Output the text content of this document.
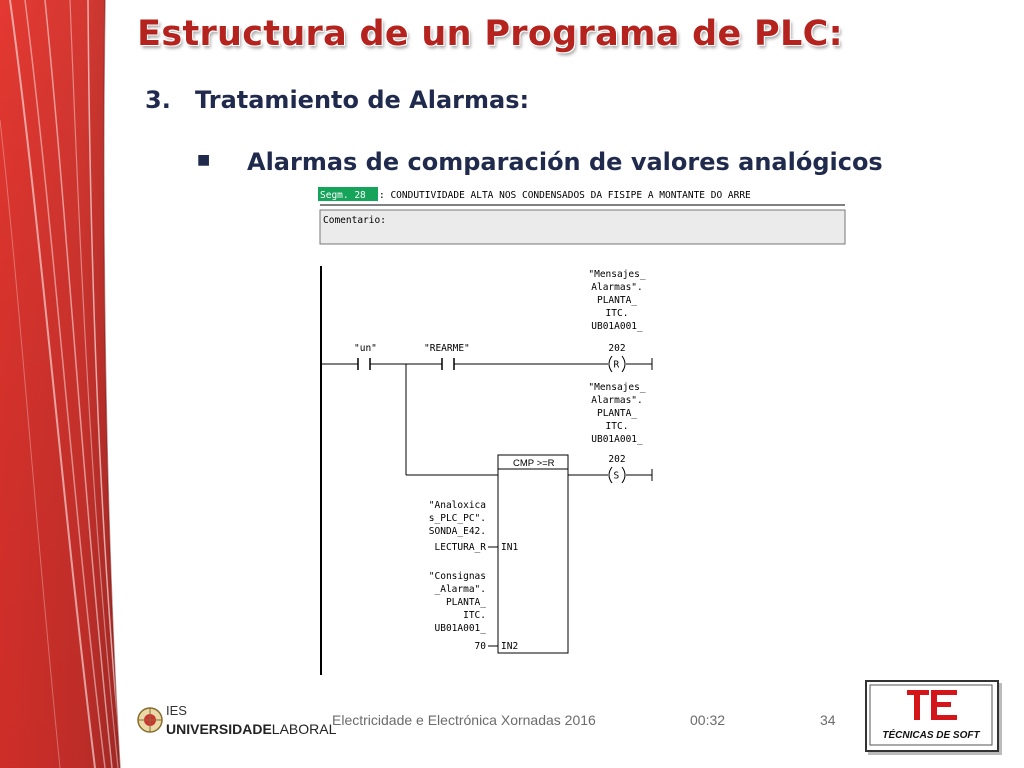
Estructura de un Programa de PLC:
3. Tratamiento de Alarmas:
■ Alarmas de comparación de valores analógicos
Segm. 28 : CONDUTIVIDADE ALTA NOS CONDENSADOS DA FISIPE A MONTANTE DO ARRE
Comentario:
"un"	"REARME"
R
"Mensajes_
Alarmas".
PLANTA_
ITC.
UB01A001_
202
CMP >=R
S
"Mensajes_
Alarmas".
PLANTA_
ITC.
UB01A001_
202
"Analoxica
s_PLC_PC".
SONDA_E42.
LECTURA_R IN1
"Consignas
_Alarma".
PLANTA_
ITC.
UB01A001_
70 IN2
IES
UNIVERSIDADELABORAL
Electricidade e Electrónica Xornadas 2016	00:32	34
TÉCNICAS DE SOFT
